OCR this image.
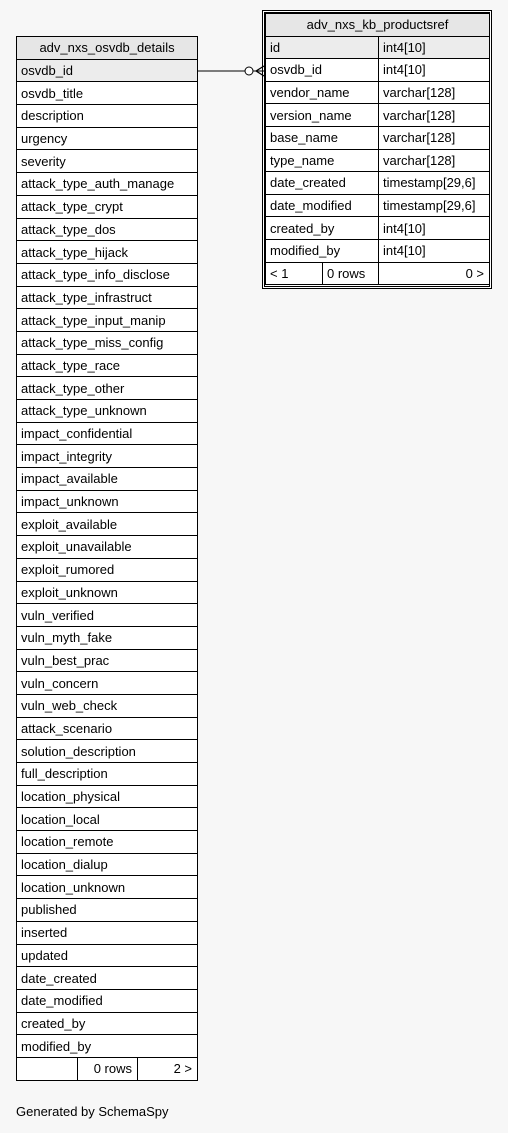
adv_nxs_osvdb_details
osvdb_id
osvdb_title
description
urgency
severity
attack_type_auth_manage
attack_type_crypt
attack_type_dos
attack_type_hijack
attack_type_info_disclose
attack_type_infrastruct
attack_type_input_manip
attack_type_miss_config
attack_type_race
attack_type_other
attack_type_unknown
impact_confidential
impact_integrity
impact_available
impact_unknown
exploit_available
exploit_unavailable
exploit_rumored
exploit_unknown
vuln_verified
vuln_myth_fake
vuln_best_prac
vuln_concern
vuln_web_check
attack_scenario
solution_description
full_description
location_physical
location_local
location_remote
location_dialup
location_unknown
published
inserted
updated
date_created
date_modified
created_by
modified_by
	0 rows	2 >
adv_nxs_kb_productsref		
id		int4[10]
osvdb_id		int4[10]
vendor_name		varchar[128]
version_name		varchar[128]
base_name		varchar[128]
type_name		varchar[128]
date_created		timestamp[29,6]
date_modified		timestamp[29,6]
created_by		int4[10]
modified_by		int4[10]
< 1	0 rows	0 >
Generated by SchemaSpy
